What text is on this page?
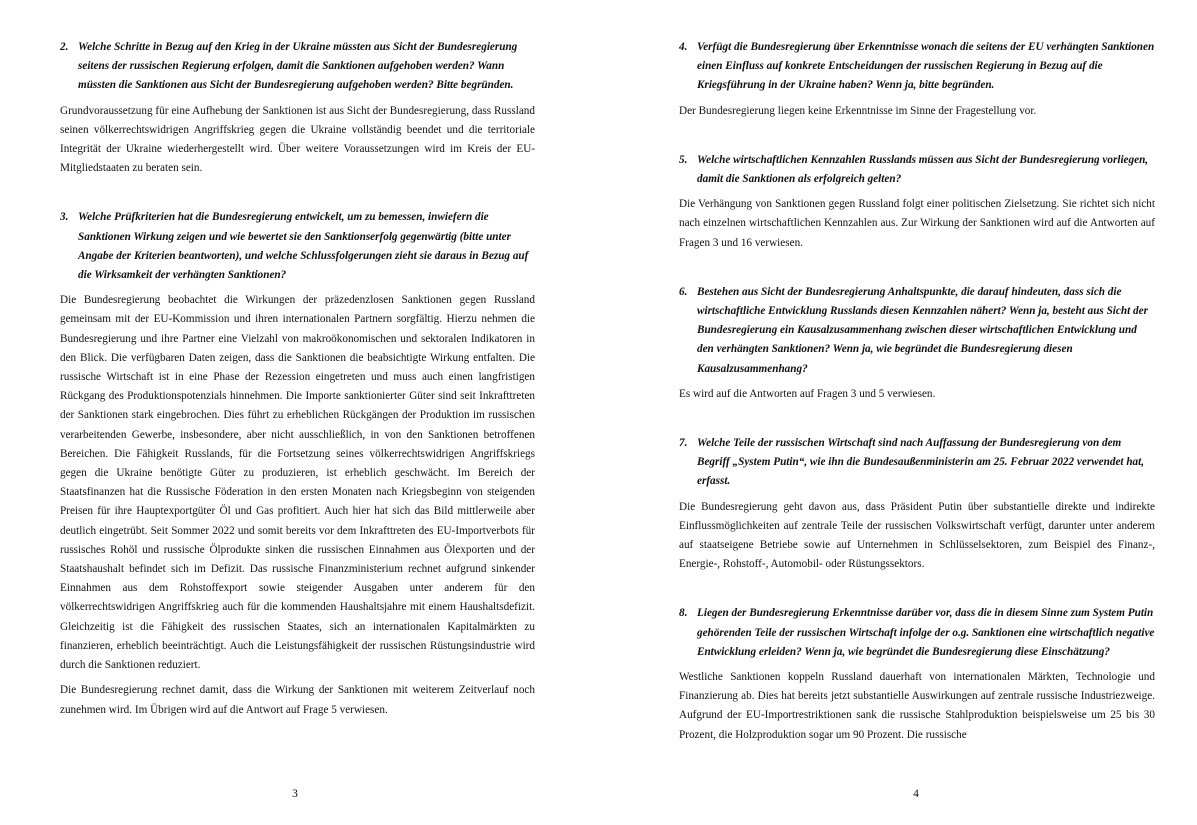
2. Welche Schritte in Bezug auf den Krieg in der Ukraine müssten aus Sicht der Bundesregierung seitens der russischen Regierung erfolgen, damit die Sanktionen aufgehoben werden? Wann müssten die Sanktionen aus Sicht der Bundesregierung aufgehoben werden? Bitte begründen.

Grundvoraussetzung für eine Aufhebung der Sanktionen ist aus Sicht der Bundesregierung, dass Russland seinen völkerrechtswidrigen Angriffskrieg gegen die Ukraine vollständig beendet und die territoriale Integrität der Ukraine wiederhergestellt wird. Über weitere Voraussetzungen wird im Kreis der EU-Mitgliedstaaten zu beraten sein.

3. Welche Prüfkriterien hat die Bundesregierung entwickelt, um zu bemessen, inwiefern die Sanktionen Wirkung zeigen und wie bewertet sie den Sanktionserfolg gegenwärtig (bitte unter Angabe der Kriterien beantworten), und welche Schlussfolgerungen zieht sie daraus in Bezug auf die Wirksamkeit der verhängten Sanktionen?

Die Bundesregierung beobachtet die Wirkungen der präzedenzlosen Sanktionen gegen Russland gemeinsam mit der EU-Kommission und ihren internationalen Partnern sorgfältig. Hierzu nehmen die Bundesregierung und ihre Partner eine Vielzahl von makroökonomischen und sektoralen Indikatoren in den Blick. Die verfügbaren Daten zeigen, dass die Sanktionen die beabsichtigte Wirkung entfalten. Die russische Wirtschaft ist in eine Phase der Rezession eingetreten und muss auch einen langfristigen Rückgang des Produktionspotenzials hinnehmen. Die Importe sanktionierter Güter sind seit Inkrafttreten der Sanktionen stark eingebrochen. Dies führt zu erheblichen Rückgängen der Produktion im russischen verarbeitenden Gewerbe, insbesondere, aber nicht ausschließlich, in von den Sanktionen betroffenen Bereichen. Die Fähigkeit Russlands, für die Fortsetzung seines völkerrechtswidrigen Angriffskriegs gegen die Ukraine benötigte Güter zu produzieren, ist erheblich geschwächt. Im Bereich der Staatsfinanzen hat die Russische Föderation in den ersten Monaten nach Kriegsbeginn von steigenden Preisen für ihre Hauptexportgüter Öl und Gas profitiert. Auch hier hat sich das Bild mittlerweile aber deutlich eingetrübt. Seit Sommer 2022 und somit bereits vor dem Inkrafttreten des EU-Importverbots für russisches Rohöl und russische Ölprodukte sinken die russischen Einnahmen aus Ölexporten und der Staatshaushalt befindet sich im Defizit. Das russische Finanzministerium rechnet aufgrund sinkender Einnahmen aus dem Rohstoffexport sowie steigender Ausgaben unter anderem für den völkerrechtswidrigen Angriffskrieg auch für die kommenden Haushaltsjahre mit einem Haushaltsdefizit. Gleichzeitig ist die Fähigkeit des russischen Staates, sich an internationalen Kapitalmärkten zu finanzieren, erheblich beeinträchtigt. Auch die Leistungsfähigkeit der russischen Rüstungsindustrie wird durch die Sanktionen reduziert.

Die Bundesregierung rechnet damit, dass die Wirkung der Sanktionen mit weiterem Zeitverlauf noch zunehmen wird. Im Übrigen wird auf die Antwort auf Frage 5 verwiesen.

3
4. Verfügt die Bundesregierung über Erkenntnisse wonach die seitens der EU verhängten Sanktionen einen Einfluss auf konkrete Entscheidungen der russischen Regierung in Bezug auf die Kriegsführung in der Ukraine haben? Wenn ja, bitte begründen.

Der Bundesregierung liegen keine Erkenntnisse im Sinne der Fragestellung vor.

5. Welche wirtschaftlichen Kennzahlen Russlands müssen aus Sicht der Bundesregierung vorliegen, damit die Sanktionen als erfolgreich gelten?

Die Verhängung von Sanktionen gegen Russland folgt einer politischen Zielsetzung. Sie richtet sich nicht nach einzelnen wirtschaftlichen Kennzahlen aus. Zur Wirkung der Sanktionen wird auf die Antworten auf Fragen 3 und 16 verwiesen.

6. Bestehen aus Sicht der Bundesregierung Anhaltspunkte, die darauf hindeuten, dass sich die wirtschaftliche Entwicklung Russlands diesen Kennzahlen nähert? Wenn ja, besteht aus Sicht der Bundesregierung ein Kausalzusammenhang zwischen dieser wirtschaftlichen Entwicklung und den verhängten Sanktionen? Wenn ja, wie begründet die Bundesregierung diesen Kausalzusammenhang?

Es wird auf die Antworten auf Fragen 3 und 5 verwiesen.

7. Welche Teile der russischen Wirtschaft sind nach Auffassung der Bundesregierung von dem Begriff „System Putin“, wie ihn die Bundesaußenministerin am 25. Februar 2022 verwendet hat, erfasst.

Die Bundesregierung geht davon aus, dass Präsident Putin über substantielle direkte und indirekte Einflussmöglichkeiten auf zentrale Teile der russischen Volkswirtschaft verfügt, darunter unter anderem auf staatseigene Betriebe sowie auf Unternehmen in Schlüsselsektoren, zum Beispiel des Finanz-, Energie-, Rohstoff-, Automobil- oder Rüstungssektors.

8. Liegen der Bundesregierung Erkenntnisse darüber vor, dass die in diesem Sinne zum System Putin gehörenden Teile der russischen Wirtschaft infolge der o.g. Sanktionen eine wirtschaftlich negative Entwicklung erleiden? Wenn ja, wie begründet die Bundesregierung diese Einschätzung?

Westliche Sanktionen koppeln Russland dauerhaft von internationalen Märkten, Technologie und Finanzierung ab. Dies hat bereits jetzt substantielle Auswirkungen auf zentrale russische Industriezweige. Aufgrund der EU-Importrestriktionen sank die russische Stahlproduktion beispielsweise um 25 bis 30 Prozent, die Holzproduktion sogar um 90 Prozent. Die russische

4
